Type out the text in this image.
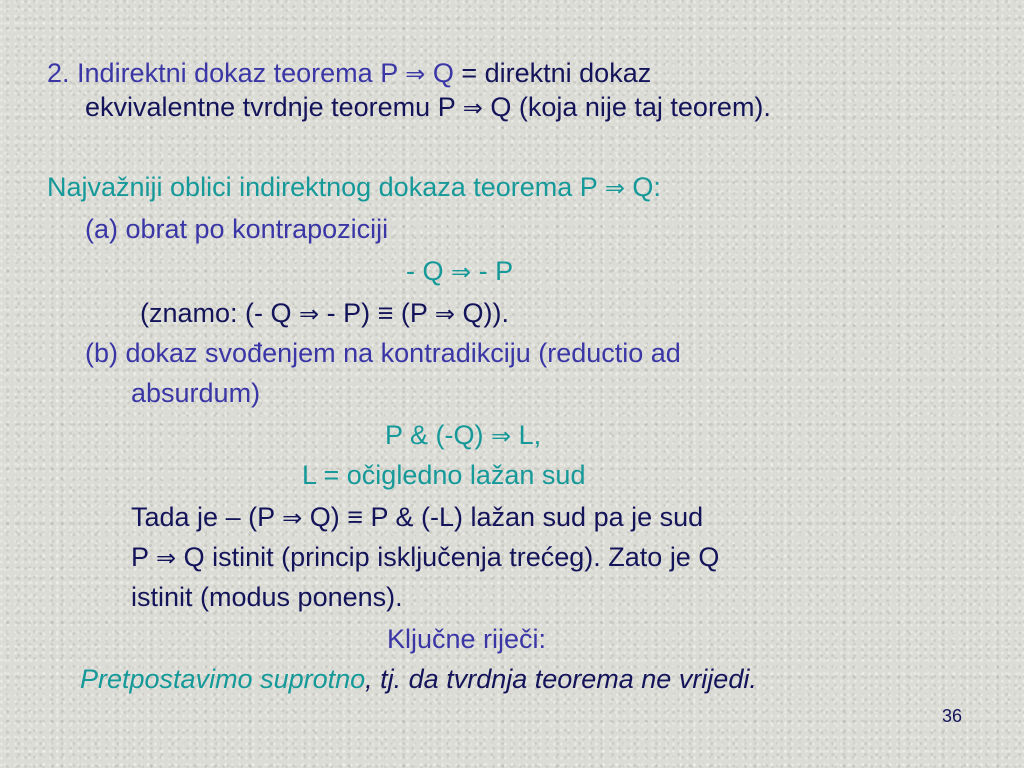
2. Indirektni dokaz teorema P ⇒ Q = direktni dokaz
ekvivalentne tvrdnje teoremu P ⇒ Q (koja nije taj teorem).
Najvažniji oblici indirektnog dokaza teorema P ⇒ Q:
(a) obrat po kontrapoziciji
- Q ⇒ - P
(znamo: (- Q ⇒ - P) ≡ (P ⇒ Q)).
(b) dokaz svođenjem na kontradikciju (reductio ad
absurdum)
P & (-Q) ⇒ L,
L = očigledno lažan sud
Tada je – (P ⇒ Q) ≡ P & (-L) lažan sud pa je sud
P ⇒ Q istinit (princip isključenja trećeg). Zato je Q
istinit (modus ponens).
Ključne riječi:
Pretpostavimo suprotno, tj. da tvrdnja teorema ne vrijedi.
36
